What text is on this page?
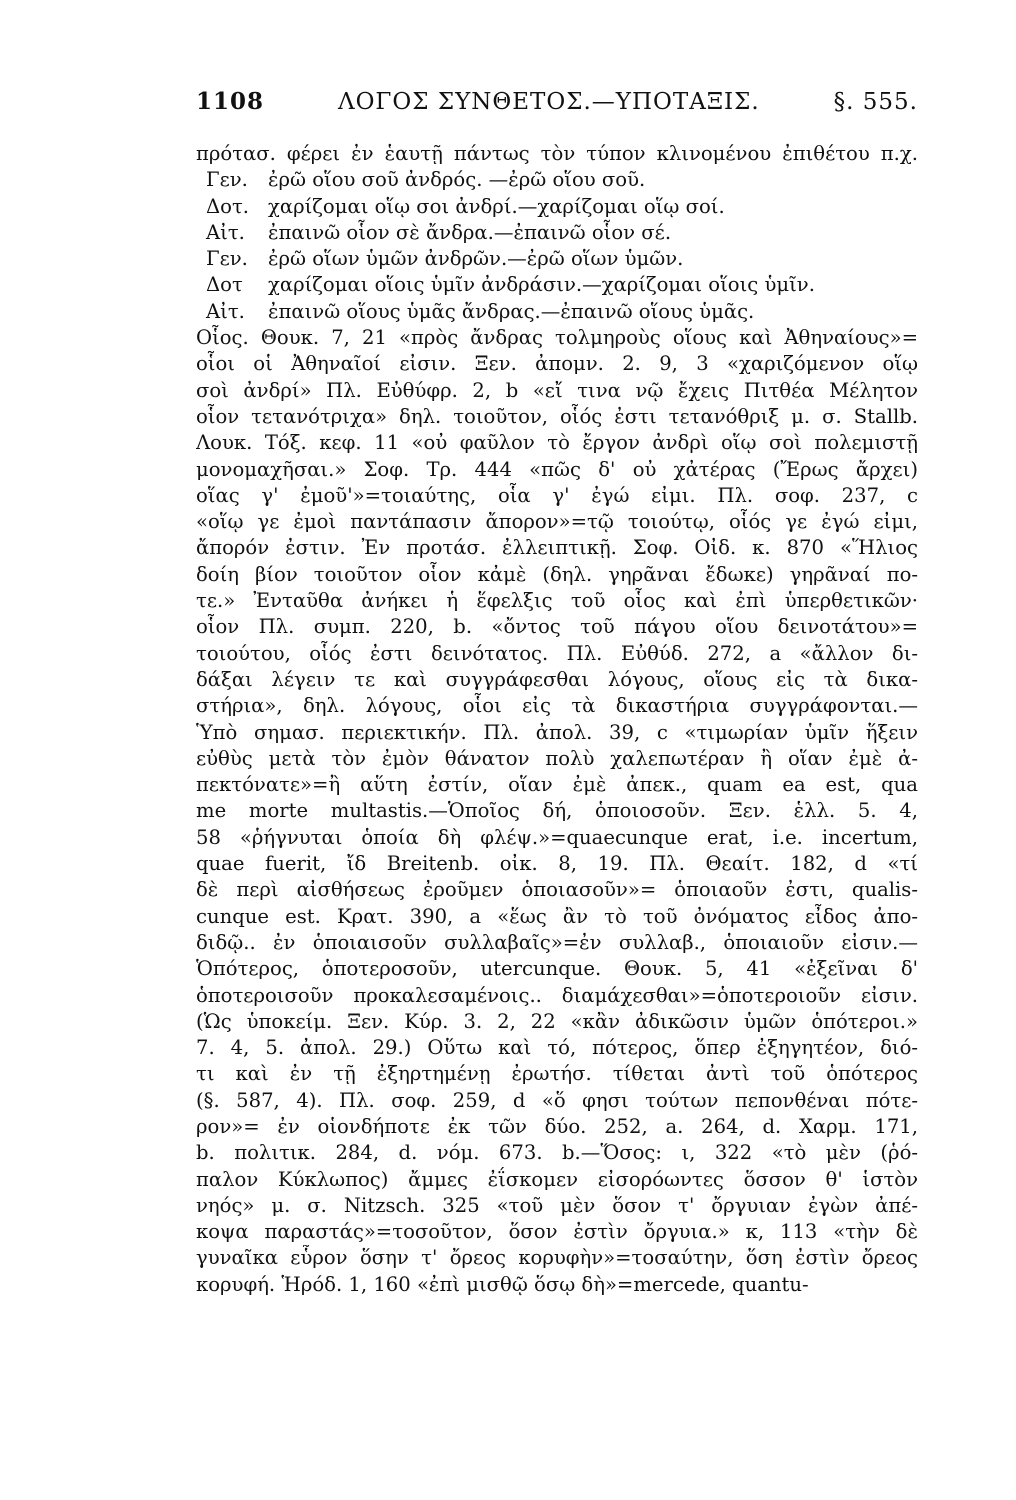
1108	ΛΟΓΟΣ ΣΥΝΘΕΤΟΣ.—ΥΠΟΤΑΞΙΣ.	§. 555.
πρότασ. φέρει ἐν ἑαυτῇ πάντως τὸν τύπον κλινομένου ἐπιθέτου π.χ.
Γεν.	ἐρῶ οἵου σοῦ ἀνδρός. —ἐρῶ οἵου σοῦ.
Δοτ. χαρίζομαι οἵῳ σοι ἀνδρί.—χαρίζομαι οἵῳ σοί.
Αἰτ.	ἐπαινῶ οἷον σὲ ἄνδρα.—ἐπαινῶ οἷον σέ.
Γεν.	ἐρῶ οἵων ὑμῶν ἀνδρῶν.—ἐρῶ οἵων ὑμῶν.
Δοτ	χαρίζομαι οἵοις ὑμῖν ἀνδράσιν.—χαρίζομαι οἵοις ὑμῖν.
Αἰτ.	ἐπαινῶ οἵους ὑμᾶς ἄνδρας.—ἐπαινῶ οἵους ὑμᾶς.
Οἷος. Θουκ. 7, 21 «πρὸς ἄνδρας τολμηροὺς οἵους καὶ Ἀθηναίους»=
οἷοι οἱ Ἀθηναῖοί εἰσιν. Ξεν. ἀπομν. 2. 9, 3 «χαριζόμενον οἵῳ
σοὶ ἀνδρί» Πλ. Εὐθύφρ. 2, b «εἴ τινα νῷ ἔχεις Πιτθέα Μέλητον
οἷον τετανότριχα» δηλ. τοιοῦτον, οἷός ἐστι τετανόθριξ μ. σ. Stallb.
Λουκ. Τόξ. κεφ. 11 «οὐ φαῦλον τὸ ἔργον ἀνδρὶ οἵῳ σοὶ πολεμιστῇ
μονομαχῆσαι.» Σοφ. Τρ. 444 «πῶς δ' οὐ χἀτέρας (Ἔρως ἄρχει)
οἵας γ' ἐμοῦ'»=τοιαύτης, οἷα γ' ἐγώ εἰμι. Πλ. σοφ. 237, c
«οἵῳ γε ἐμοὶ παντάπασιν ἄπορον»=τῷ τοιούτῳ, οἷός γε ἐγώ εἰμι,
ἄπορόν ἐστιν. Ἐν προτάσ. ἐλλειπτικῇ. Σοφ. Οἰδ. κ. 870 «Ἥλιος
δοίη βίον τοιοῦτον οἷον κἀμὲ (δηλ. γηρᾶναι ἔδωκε) γηρᾶναί πο-
τε.» Ἐνταῦθα ἀνήκει ἡ ἕφελξις τοῦ οἷος καὶ ἐπὶ ὑπερθετικῶν·
οἷον Πλ. συμπ. 220, b. «ὄντος τοῦ πάγου οἵου δεινοτάτου»=
τοιούτου, οἷός ἐστι δεινότατος. Πλ. Εὐθύδ. 272, a «ἄλλον δι-
δάξαι λέγειν τε καὶ συγγράφεσθαι λόγους, οἵους εἰς τὰ δικα-
στήρια», δηλ. λόγους, οἷοι εἰς τὰ δικαστήρια συγγράφονται.—
Ὑπὸ σημασ. περιεκτικήν. Πλ. ἀπολ. 39, c «τιμωρίαν ὑμῖν ἥξειν
εὐθὺς μετὰ τὸν ἐμὸν θάνατον πολὺ χαλεπωτέραν ἢ οἵαν ἐμὲ ἀ-
πεκτόνατε»=ἢ αὕτη ἐστίν, οἵαν ἐμὲ ἀπεκ., quam ea est, qua
me morte multastis.—Ὁποῖος δή, ὁποιοσοῦν. Ξεν. ἑλλ. 5. 4,
58 «ῥήγνυται ὁποία δὴ φλέψ.»=quaecunque erat, i.e. incertum,
quae fuerit, ἴδ Breitenb. οἰκ. 8, 19. Πλ. Θεαίτ. 182, d «τί
δὲ περὶ αἰσθήσεως ἐροῦμεν ὁποιασοῦν»= ὁποιαοῦν ἐστι, qualis-
cunque est. Κρατ. 390, a «ἕως ἂν τὸ τοῦ ὀνόματος εἶδος ἀπο-
διδῷ.. ἐν ὁποιαισοῦν συλλαβαῖς»=ἐν συλλαβ., ὁποιαιοῦν εἰσιν.—
Ὁπότερος, ὁποτεροσοῦν, utercunque. Θουκ. 5, 41 «ἐξεῖναι δ'
ὁποτεροισοῦν προκαλεσαμένοις.. διαμάχεσθαι»=ὁποτεροιοῦν εἰσιν.
(Ὡς ὑποκείμ. Ξεν. Κύρ. 3. 2, 22 «κἂν ἀδικῶσιν ὑμῶν ὁπότεροι.»
7. 4, 5. ἀπολ. 29.) Οὕτω καὶ τό, πότερος, ὅπερ ἐξηγητέον, διό-
τι καὶ ἐν τῇ ἐξηρτημένῃ ἐρωτήσ. τίθεται ἀντὶ τοῦ ὁπότερος
(§. 587, 4). Πλ. σοφ. 259, d «ὅ φησι τούτων πεπονθέναι πότε-
ρον»= ἐν οἱονδήποτε ἐκ τῶν δύο. 252, a. 264, d. Χαρμ. 171,
b. πολιτικ. 284, d. νόμ. 673. b.—Ὅσος: ι, 322 «τὸ μὲν (ῥό-
παλον Κύκλωπος) ἄμμες ἐΐσκομεν εἰσορόωντες ὅσσον θ' ἱστὸν
νηός» μ. σ. Nitzsch. 325 «τοῦ μὲν ὅσον τ' ὄργυιαν ἐγὼν ἀπέ-
κοψα παραστάς»=τοσοῦτον, ὅσον ἐστὶν ὄργυια.» κ, 113 «τὴν δὲ
γυναῖκα εὗρον ὅσην τ' ὄρεος κορυφὴν»=τοσαύτην, ὅση ἐστὶν ὄρεος
κορυφή. Ἡρόδ. 1, 160 «ἐπὶ μισθῷ ὅσῳ δὴ»=mercede, quantu-
